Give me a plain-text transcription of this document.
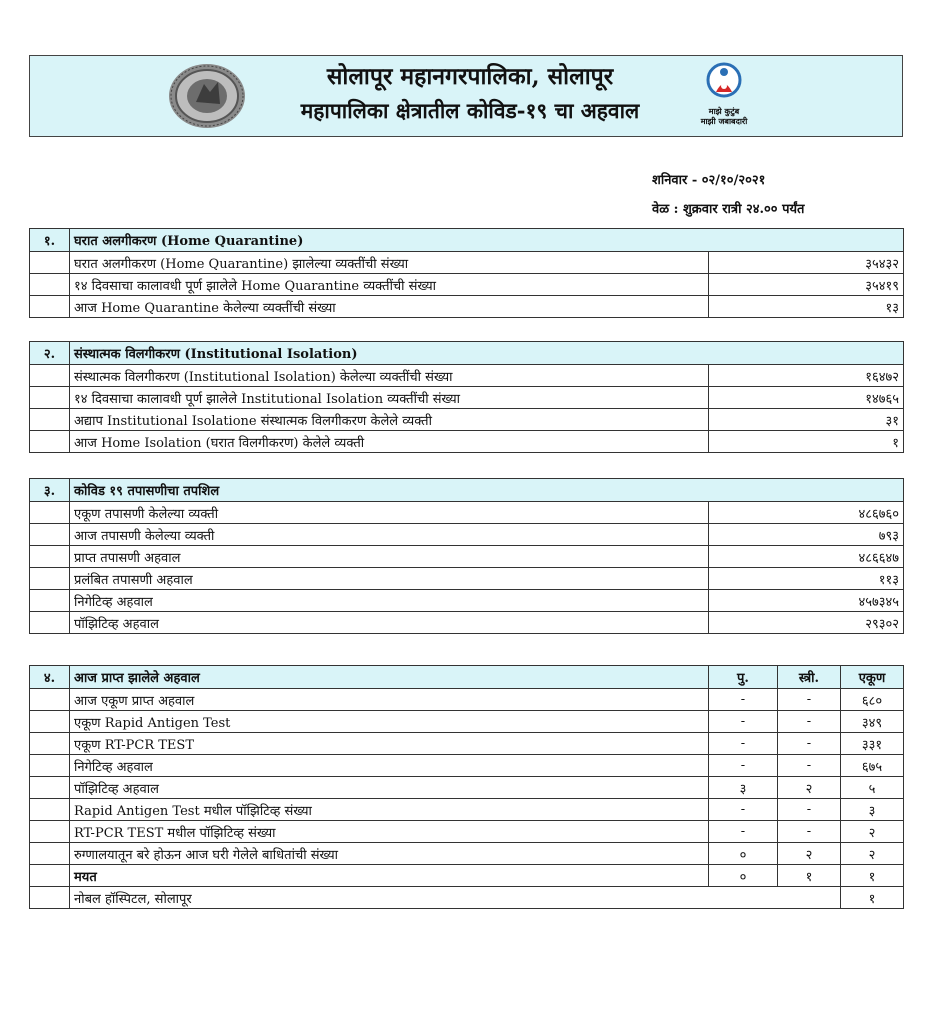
सोलापूर महानगरपालिका, सोलापूर
महापालिका क्षेत्रातील कोविड-१९ चा अहवाल	माझे कुटुंब
माझी जबाबदारी
शनिवार - ०२/१०/२०२१
वेळ : शुक्रवार रात्री २४.०० पर्यंत
१.	घरात अलगीकरण (Home Quarantine)	
	घरात अलगीकरण (Home Quarantine) झालेल्या व्यक्तींची संख्या	३५४३२
	१४ दिवसाचा कालावधी पूर्ण झालेले Home Quarantine व्यक्तींची संख्या	३५४१९
	आज Home Quarantine केलेल्या व्यक्तींची संख्या	१३
२.	संस्थात्मक विलगीकरण (Institutional Isolation)	
	संस्थात्मक विलगीकरण (Institutional Isolation) केलेल्या व्यक्तींची संख्या	१६४७२
	१४ दिवसाचा कालावधी पूर्ण झालेले Institutional Isolation व्यक्तींची संख्या	१४७६५
	अद्याप Institutional Isolatione संस्थात्मक विलगीकरण केलेले व्यक्ती	३१
	आज Home Isolation (घरात विलगीकरण) केलेले व्यक्ती	१
३.	कोविड १९ तपासणीचा तपशिल	
	एकूण तपासणी केलेल्या व्यक्ती	४८६७६०
	आज तपासणी केलेल्या व्यक्ती	७९३
	प्राप्त तपासणी अहवाल	४८६६४७
	प्रलंबित तपासणी अहवाल	११३
	निगेटिव्ह अहवाल	४५७३४५
	पॉझिटिव्ह अहवाल	२९३०२
४.	आज प्राप्त झालेले अहवाल	पु.	स्त्री.	एकूण
	आज एकूण प्राप्त अहवाल	-	-	६८०
	एकूण Rapid Antigen Test	-	-	३४९
	एकूण RT-PCR TEST	-	-	३३१
	निगेटिव्ह अहवाल	-	-	६७५
	पॉझिटिव्ह अहवाल	३	२	५
	Rapid Antigen Test मधील पॉझिटिव्ह संख्या	-	-	३
	RT-PCR TEST मधील पॉझिटिव्ह संख्या	-	-	२
	रुग्णालयातून बरे होऊन आज घरी गेलेले बाधितांची संख्या	०	२	२
	मयत	०	१	१
	नोबल हॉस्पिटल, सोलापूर			१
